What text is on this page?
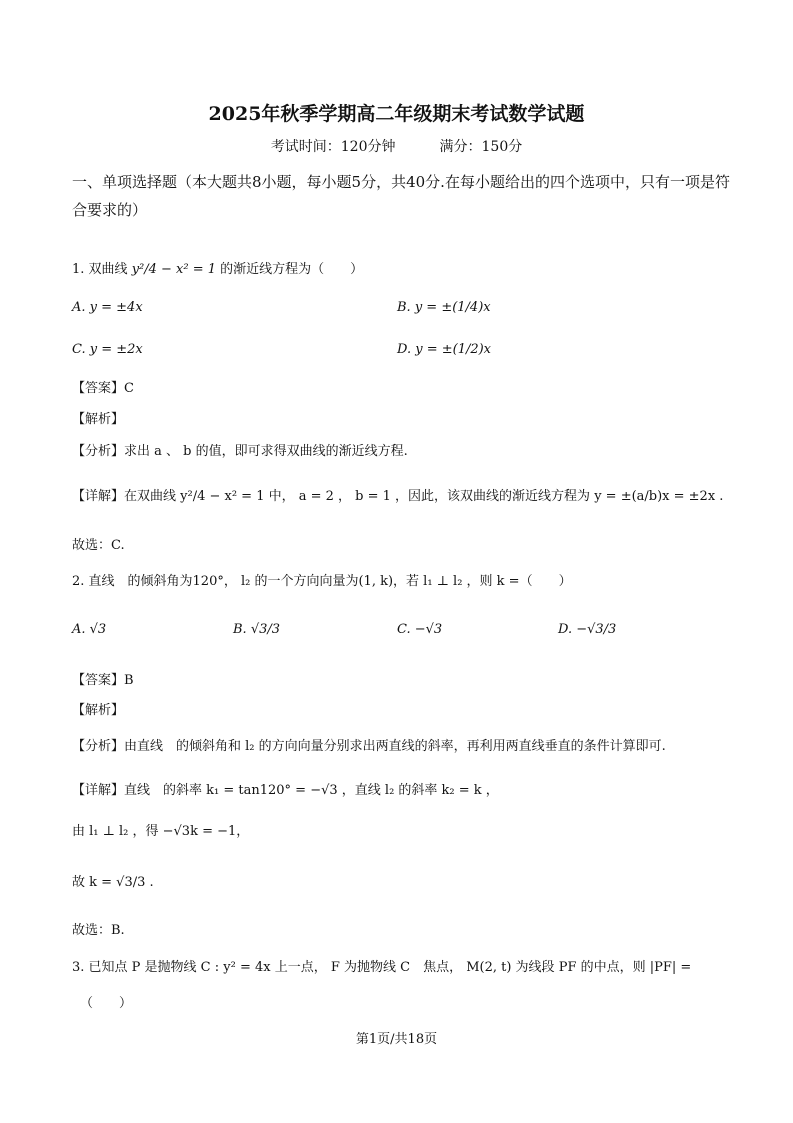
2025年秋季学期高二年级期末考试数学试题
考试时间：120分钟	满分：150分
一、单项选择题（本大题共8小题，每小题5分，共40分.在每小题给出的四个选项中，只有一项是符合要求的）
1. 双曲线 y²/4 − x² = 1 的渐近线方程为（　　）
A. y = ±4x	B. y = ±(1/4)x
C. y = ±2x	D. y = ±(1/2)x
【答案】C
【解析】
【分析】求出 a 、 b 的值，即可求得双曲线的渐近线方程.
【详解】在双曲线 y²/4 − x² = 1 中， a = 2 ， b = 1 ，因此，该双曲线的渐近线方程为 y = ±(a/b)x = ±2x .
故选：C.
2. 直线　的倾斜角为120°， l₂ 的一个方向向量为(1, k)，若 l₁ ⊥ l₂ ，则 k =（　　）
A. √3	B. √3/3	C. −√3	D. −√3/3
【答案】B
【解析】
【分析】由直线　的倾斜角和 l₂ 的方向向量分别求出两直线的斜率，再利用两直线垂直的条件计算即可.
【详解】直线　的斜率 k₁ = tan120° = −√3 ，直线 l₂ 的斜率 k₂ = k ，
由 l₁ ⊥ l₂ ，得 −√3k = −1，
故 k = √3/3 .
故选：B.
3. 已知点 P 是抛物线 C : y² = 4x 上一点， F 为抛物线 C　焦点， M(2, t) 为线段 PF 的中点，则 |PF| =
（　　）
第1页/共18页
